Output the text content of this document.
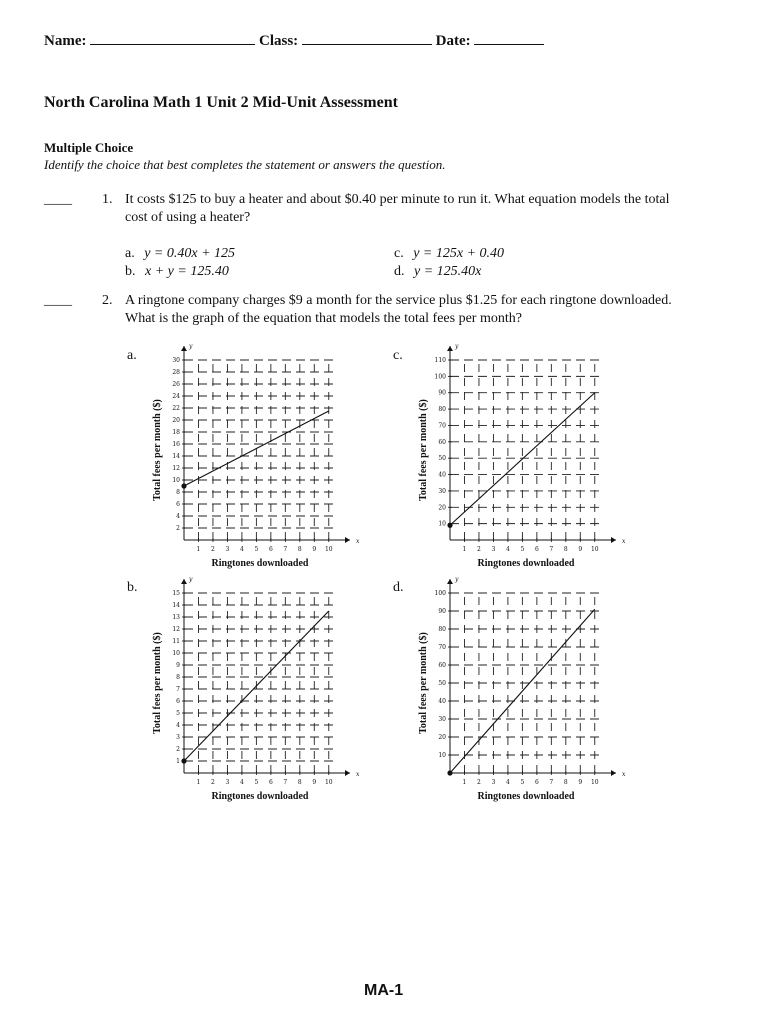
Name:	Class:	Date:
North Carolina Math 1 Unit 2 Mid-Unit Assessment
Multiple Choice
Identify the choice that best completes the statement or answers the question.
____ 1. It costs $125 to buy a heater and about $0.40 per minute to run it. What equation models the total
cost of using a heater?
a. y = 0.40x + 125
b. x + y = 125.40
c. y = 125x + 0.40
d. y = 125.40x
____ 2. A ringtone company charges $9 a month for the service plus $1.25 for each ringtone downloaded.
What is the graph of the equation that models the total fees per month?
a.
b.
c.
d.
x
y
1 2 3 4 5 6 7 8 9 10
2
4
6
8
10
12
14
16
18
20
22
24
26
28
30
Ringtones downloaded
Total fees per month ($)
x
y
1 2 3 4 5 6 7 8 9 10
1
2
3
4
5
6
7
8
9
10
11
12
13
14
15
Ringtones downloaded
Total fees per month ($)
x
y
1 2 3 4 5 6 7 8 9 10
10
20
30
40
50
60
70
80
90
100
110
Ringtones downloaded
Total fees per month ($)
x
y
1 2 3 4 5 6 7 8 9 10
10
20
30
40
50
60
70
80
90
100
Ringtones downloaded
Total fees per month ($)
MA-1
